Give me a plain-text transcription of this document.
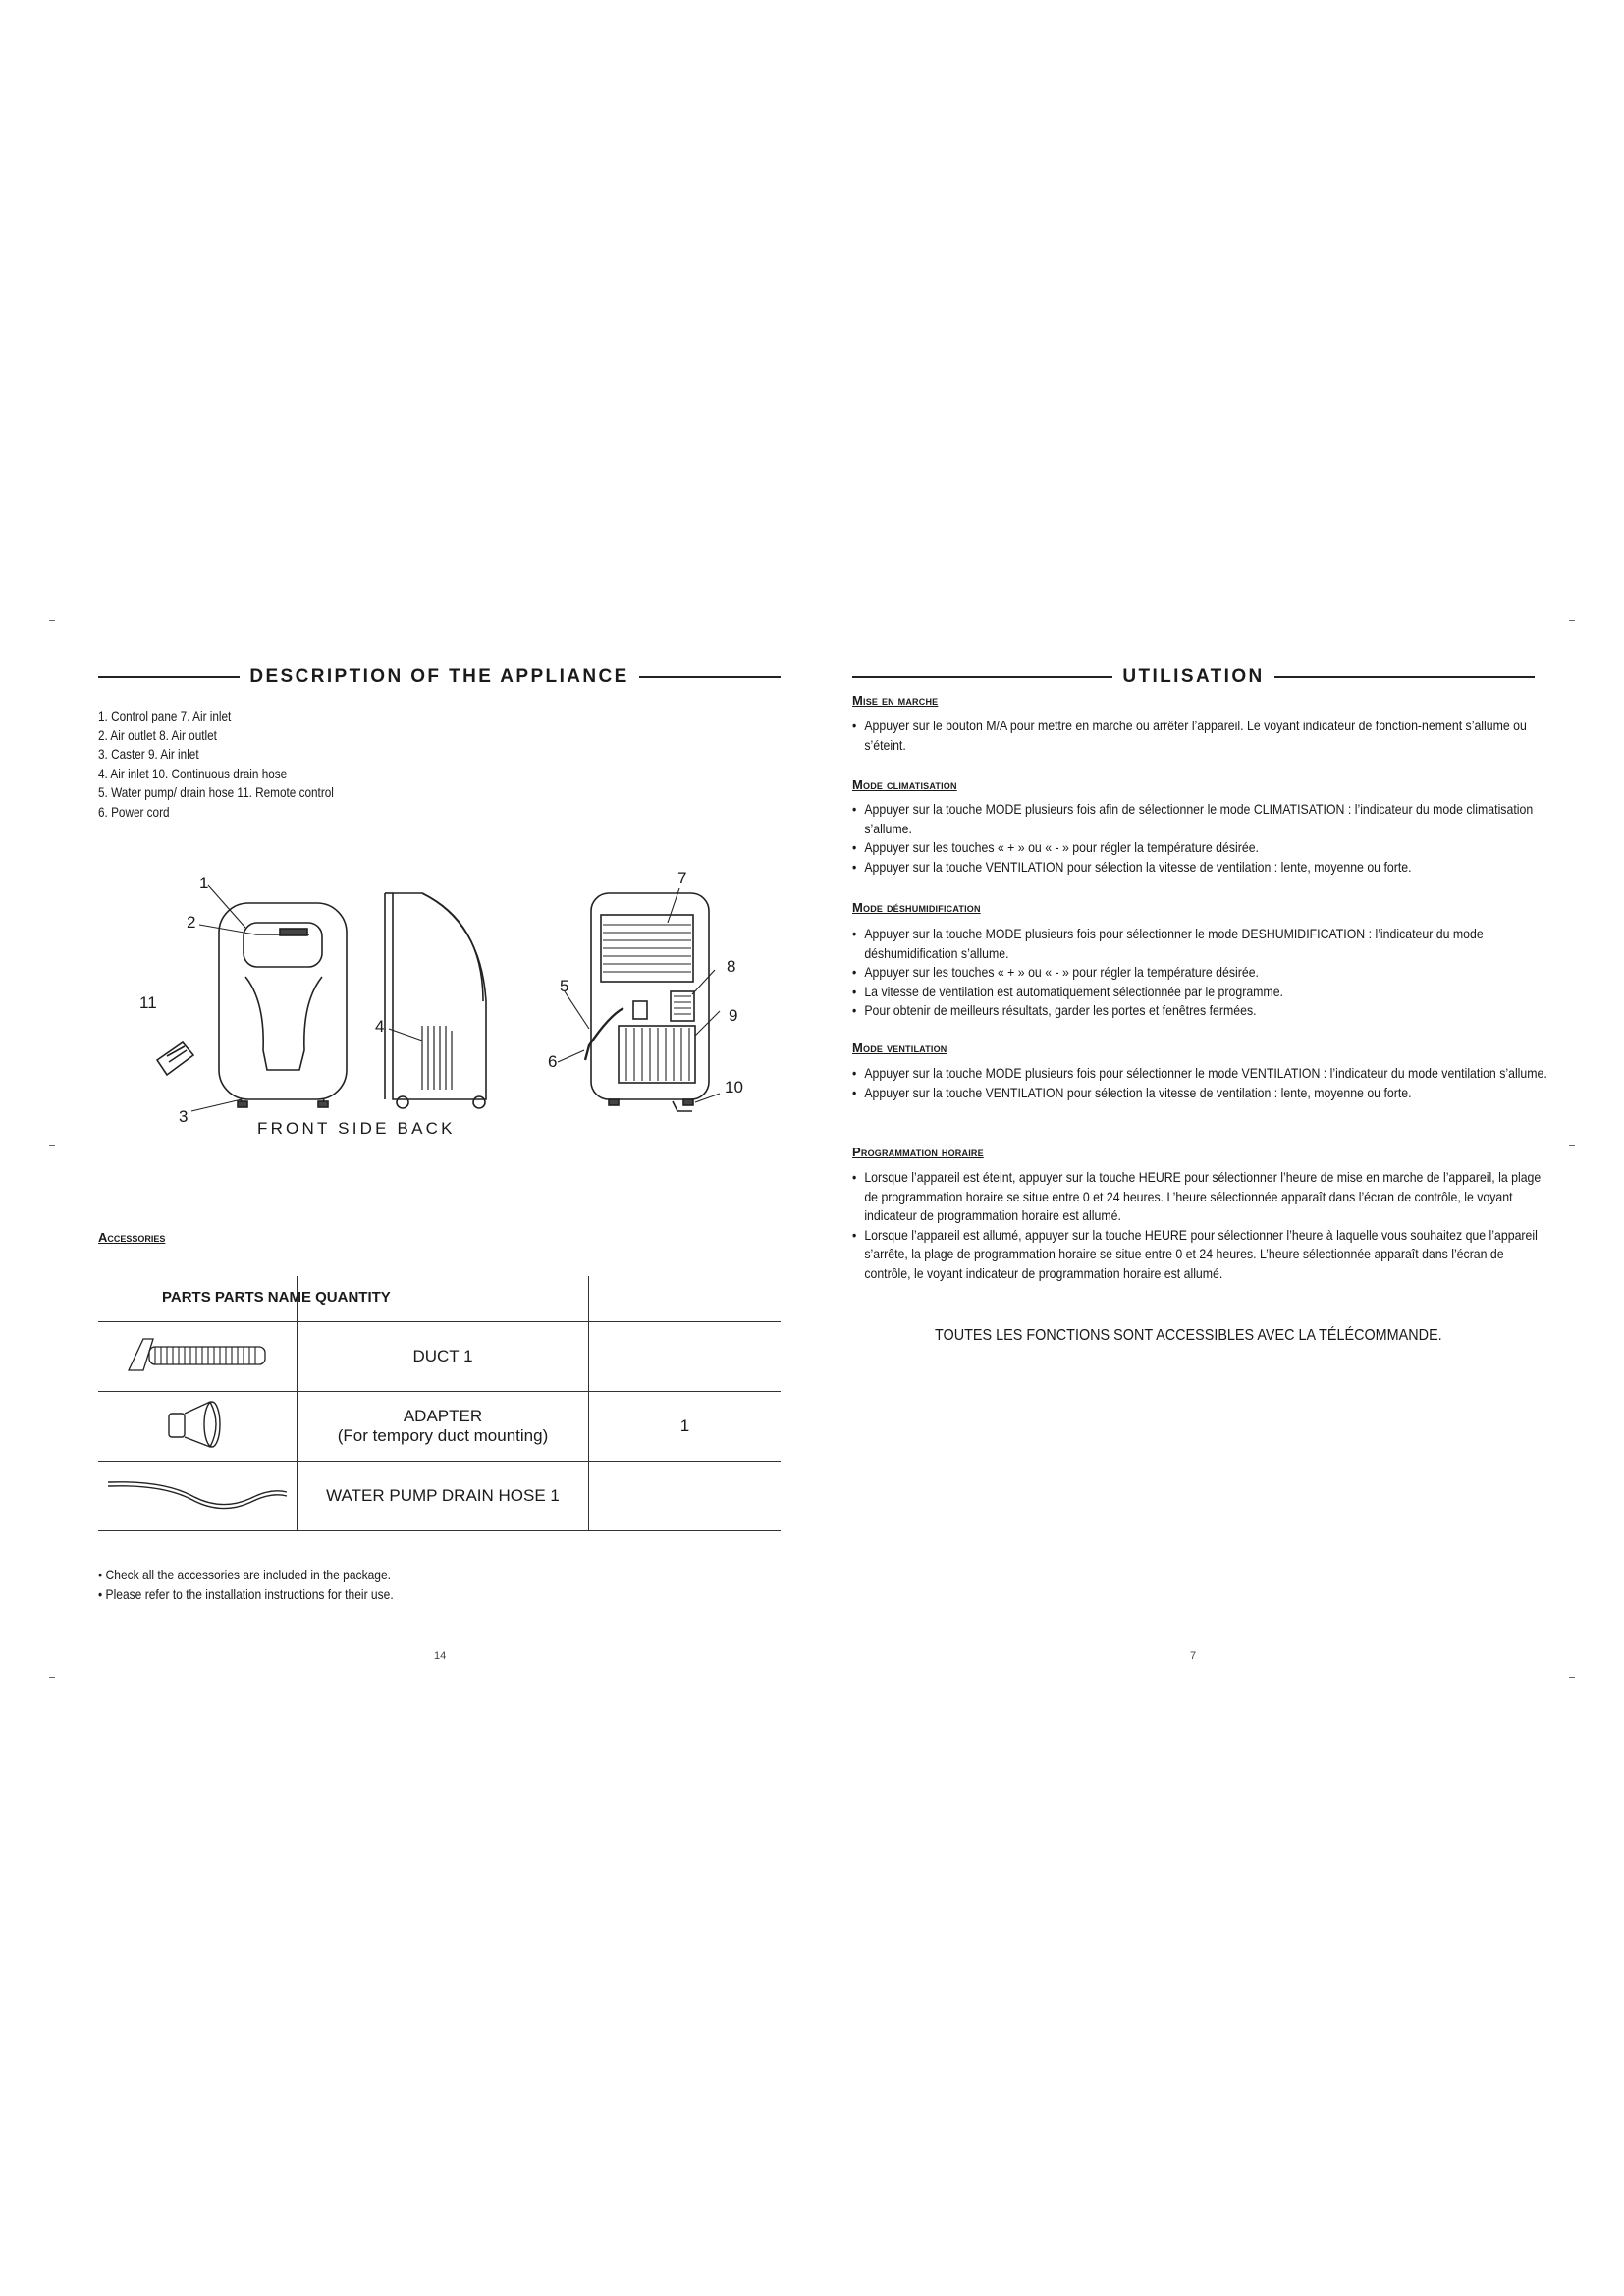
DESCRIPTION OF THE APPLIANCE
1. Control pane 7. Air inlet
2. Air outlet 8. Air outlet
3. Caster 9. Air inlet
4. Air inlet 10. Continuous drain hose
5. Water pump/ drain hose 11. Remote control
6. Power cord
1
2
3
4
5
6
7
8
9
10
11
FRONT SIDE BACK
Accessories
PARTS PARTS NAME QUANTITY

	DUCT 1	

ADAPTER
(For tempory duct mounting)	1
	WATER PUMP DRAIN HOSE 1	
• Check all the accessories are included in the package.
• Please refer to the installation instructions for their use.
14
UTILISATION
Mise en marche
• Appuyer sur le bouton M/A pour mettre en marche ou arrêter l’appareil. Le voyant indicateur de fonction-nement s’allume ou s’éteint.
Mode climatisation
• Appuyer sur la touche MODE plusieurs fois afin de sélectionner le mode CLIMATISATION : l’indicateur du mode climatisation s’allume.
• Appuyer sur les touches « + » ou « - » pour régler la température désirée.
• Appuyer sur la touche VENTILATION pour sélection la vitesse de ventilation : lente, moyenne ou forte.
Mode déshumidification
• Appuyer sur la touche MODE plusieurs fois pour sélectionner le mode DESHUMIDIFICATION : l’indicateur du mode déshumidification s’allume.
• Appuyer sur les touches « + » ou « - » pour régler la température désirée.
• La vitesse de ventilation est automatiquement sélectionnée par le programme.
• Pour obtenir de meilleurs résultats, garder les portes et fenêtres fermées.
Mode ventilation
• Appuyer sur la touche MODE plusieurs fois pour sélectionner le mode VENTILATION : l’indicateur du mode ventilation s’allume.
• Appuyer sur la touche VENTILATION pour sélection la vitesse de ventilation : lente, moyenne ou forte.
Programmation horaire
• Lorsque l’appareil est éteint, appuyer sur la touche HEURE pour sélectionner l’heure de mise en marche de l’appareil, la plage de programmation horaire se situe entre 0 et 24 heures. L’heure sélectionnée apparaît dans l’écran de contrôle, le voyant indicateur de programmation horaire est allumé.
• Lorsque l’appareil est allumé, appuyer sur la touche HEURE pour sélectionner l’heure à laquelle vous souhaitez que l’appareil s’arrête, la plage de programmation horaire se situe entre 0 et 24 heures. L’heure sélectionnée apparaît dans l’écran de contrôle, le voyant indicateur de programmation horaire est allumé.
TOUTES LES FONCTIONS SONT ACCESSIBLES AVEC LA TÉLÉCOMMANDE.
7
